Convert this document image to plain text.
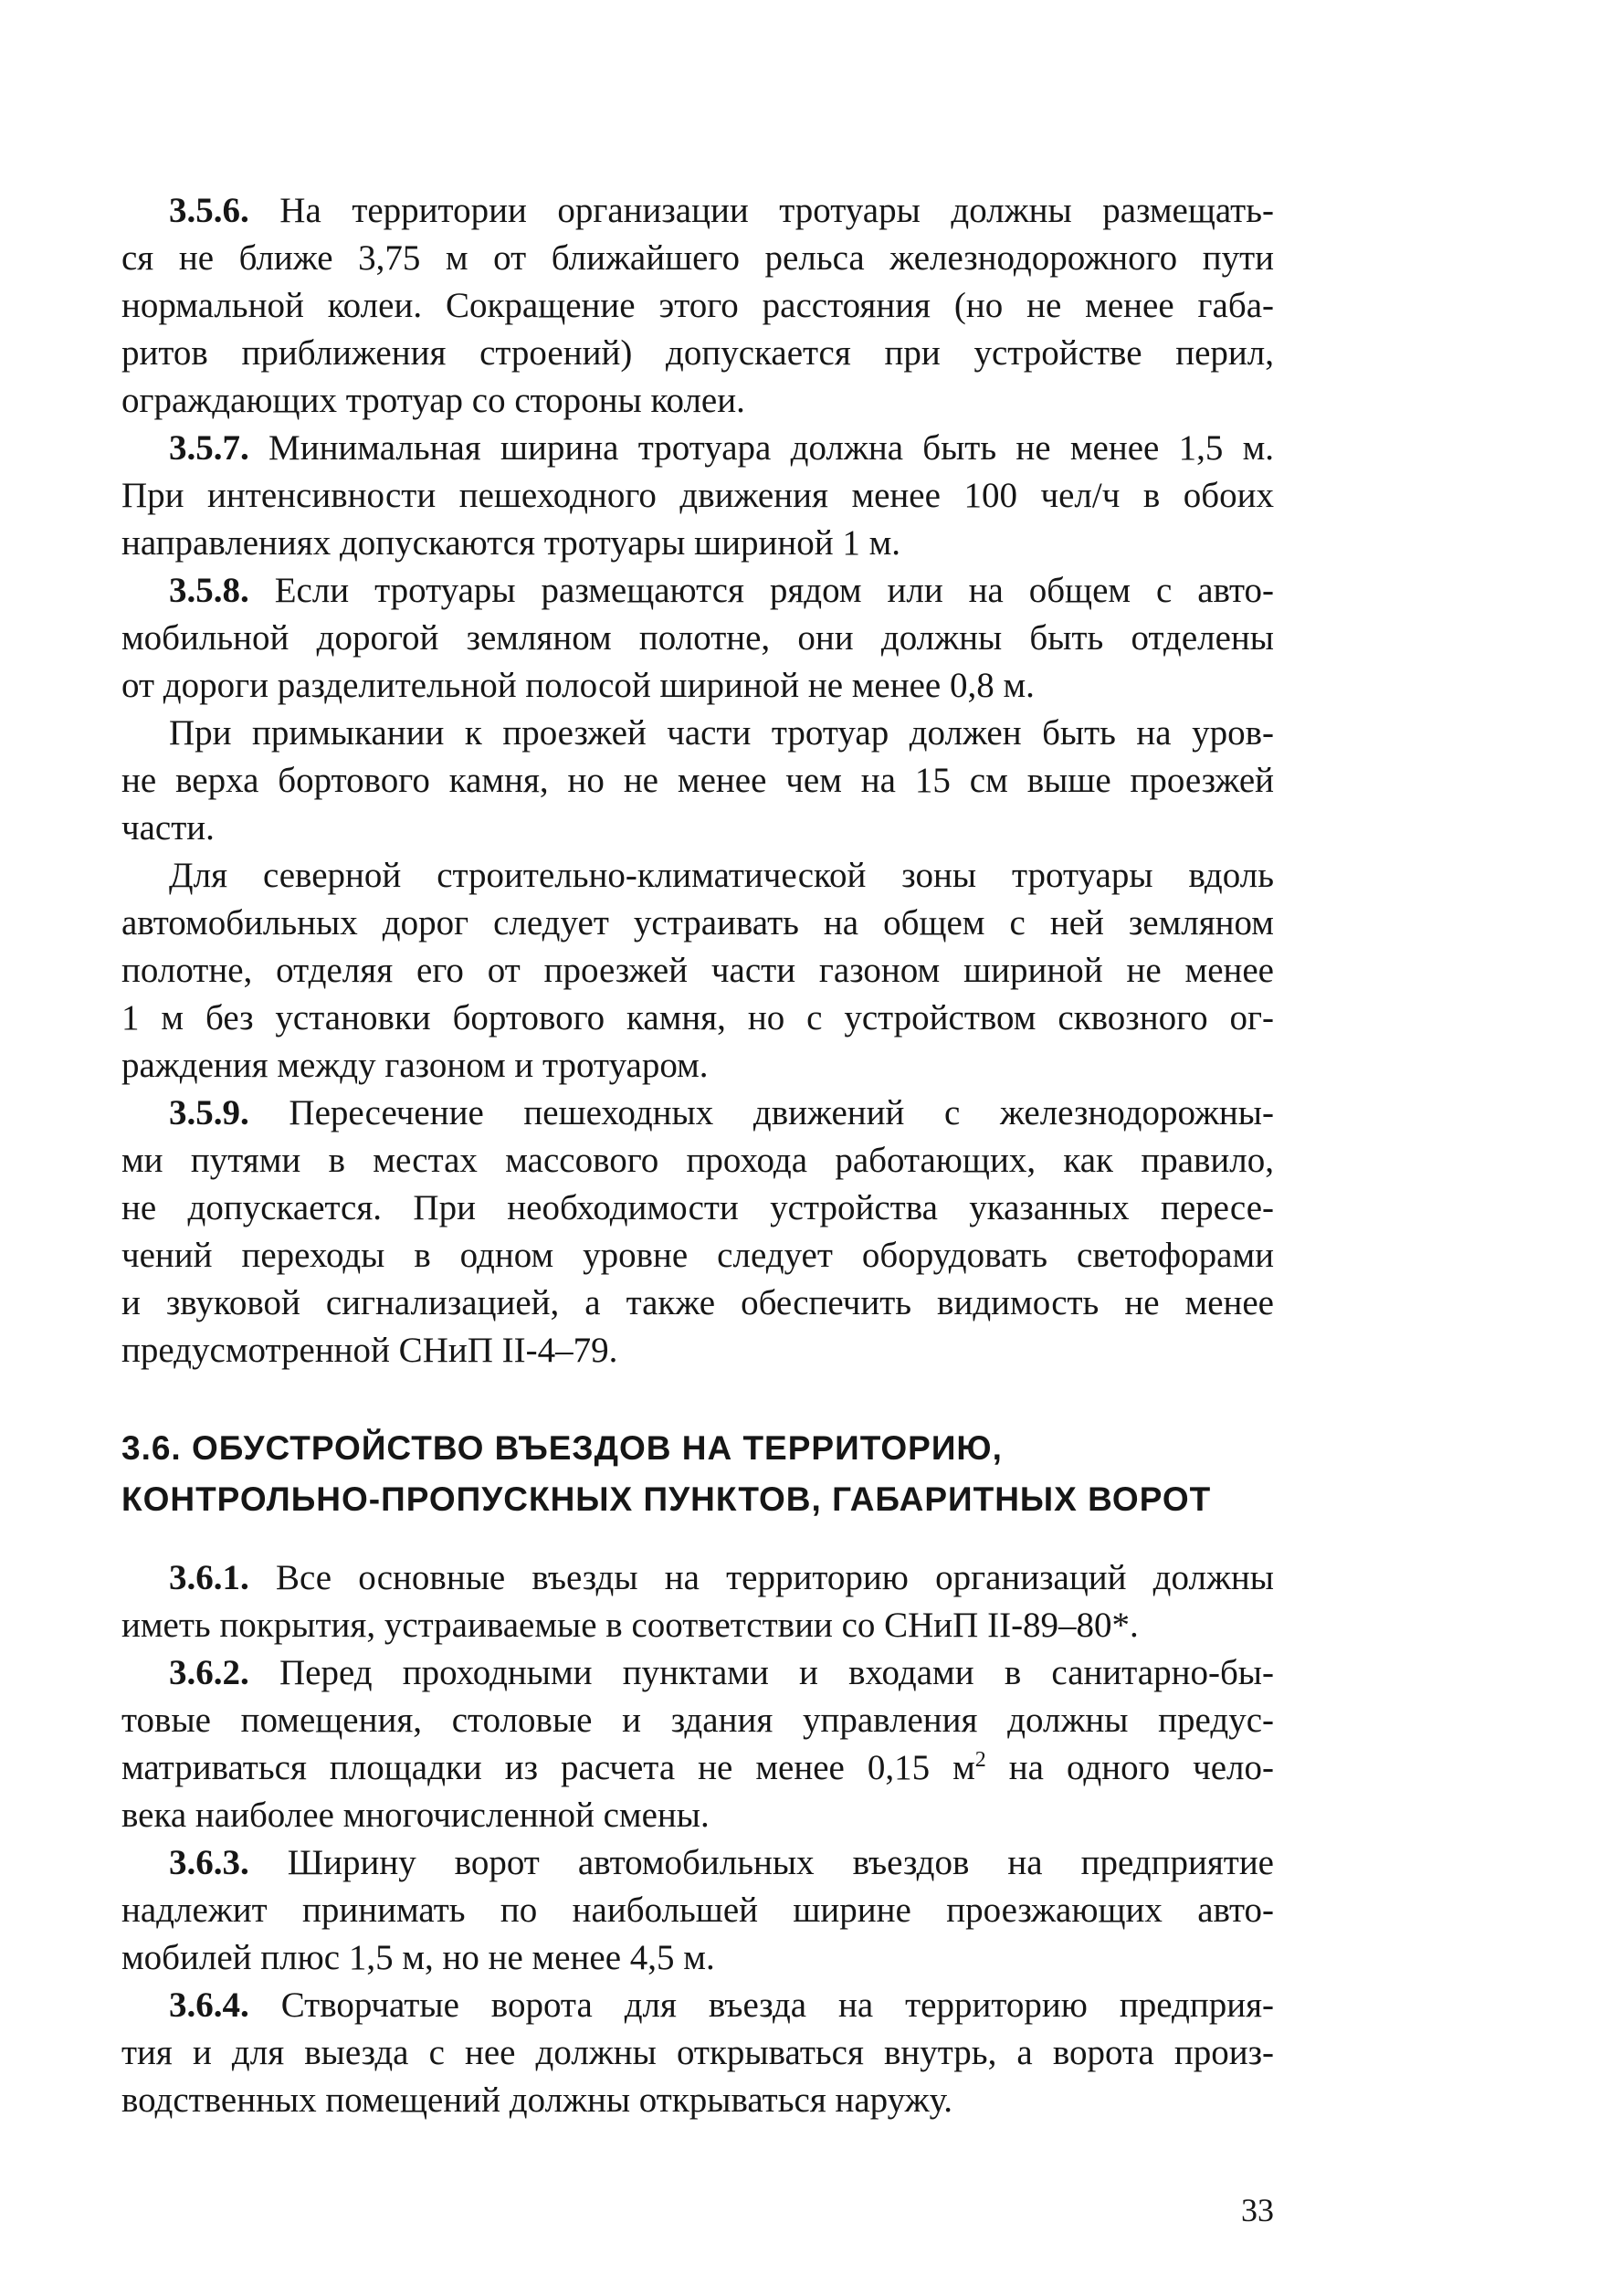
3.5.6. На территории организации тротуары должны размещать-
ся не ближе 3,75 м от ближайшего рельса железнодорожного пути
нормальной колеи. Сокращение этого расстояния (но не менее габа-
ритов приближения строений) допускается при устройстве перил,
ограждающих тротуар со стороны колеи.
3.5.7. Минимальная ширина тротуара должна быть не менее 1,5 м.
При интенсивности пешеходного движения менее 100 чел/ч в обоих
направлениях допускаются тротуары шириной 1 м.
3.5.8. Если тротуары размещаются рядом или на общем с авто-
мобильной дорогой земляном полотне, они должны быть отделены
от дороги разделительной полосой шириной не менее 0,8 м.
При примыкании к проезжей части тротуар должен быть на уров-
не верха бортового камня, но не менее чем на 15 см выше проезжей
части.
Для северной строительно-климатической зоны тротуары вдоль
автомобильных дорог следует устраивать на общем с ней земляном
полотне, отделяя его от проезжей части газоном шириной не менее
1 м без установки бортового камня, но с устройством сквозного ог-
раждения между газоном и тротуаром.
3.5.9. Пересечение пешеходных движений с железнодорожны-
ми путями в местах массового прохода работающих, как правило,
не допускается. При необходимости устройства указанных пересе-
чений переходы в одном уровне следует оборудовать светофорами
и звуковой сигнализацией, а также обеспечить видимость не менее
предусмотренной СНиП II-4–79.
3.6. ОБУСТРОЙСТВО ВЪЕЗДОВ НА ТЕРРИТОРИЮ,
КОНТРОЛЬНО-ПРОПУСКНЫХ ПУНКТОВ, ГАБАРИТНЫХ ВОРОТ
3.6.1. Все основные въезды на территорию организаций должны
иметь покрытия, устраиваемые в соответствии со СНиП II-89–80*.
3.6.2. Перед проходными пунктами и входами в санитарно-бы-
товые помещения, столовые и здания управления должны предус-
матриваться площадки из расчета не менее 0,15 $м^2$ на одного чело-
века наиболее многочисленной смены.
3.6.3. Ширину ворот автомобильных въездов на предприятие
надлежит принимать по наибольшей ширине проезжающих авто-
мобилей плюс 1,5 м, но не менее 4,5 м.
3.6.4. Створчатые ворота для въезда на территорию предприя-
тия и для выезда с нее должны открываться внутрь, а ворота произ-
водственных помещений должны открываться наружу.
33
